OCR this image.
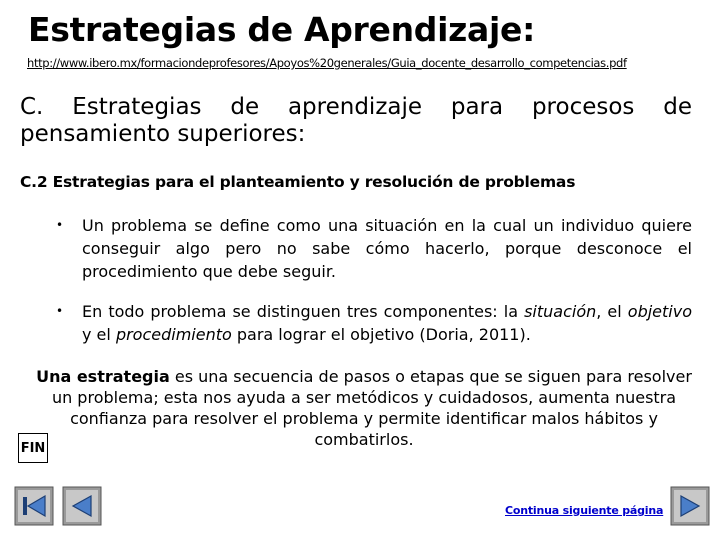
Estrategias de Aprendizaje:
http://www.ibero.mx/formaciondeprofesores/Apoyos%20generales/Guia_docente_desarrollo_competencias.pdf
C. Estrategias de aprendizaje para procesos de
pensamiento superiores:
C.2 Estrategias para el planteamiento y resolución de problemas
• Un problema se define como una situación en la cual un individuo quiere conseguir algo pero no sabe cómo hacerlo, porque desconoce el procedimiento que debe seguir.
• En todo problema se distinguen tres componentes: la situación, el objetivo y el procedimiento para lograr el objetivo (Doria, 2011).
Una estrategia es una secuencia de pasos o etapas que se siguen para resolver un problema; esta nos ayuda a ser metódicos y cuidadosos, aumenta nuestra confianza para resolver el problema y permite identificar malos hábitos y combatirlos.
FIN
Continua siguiente página
